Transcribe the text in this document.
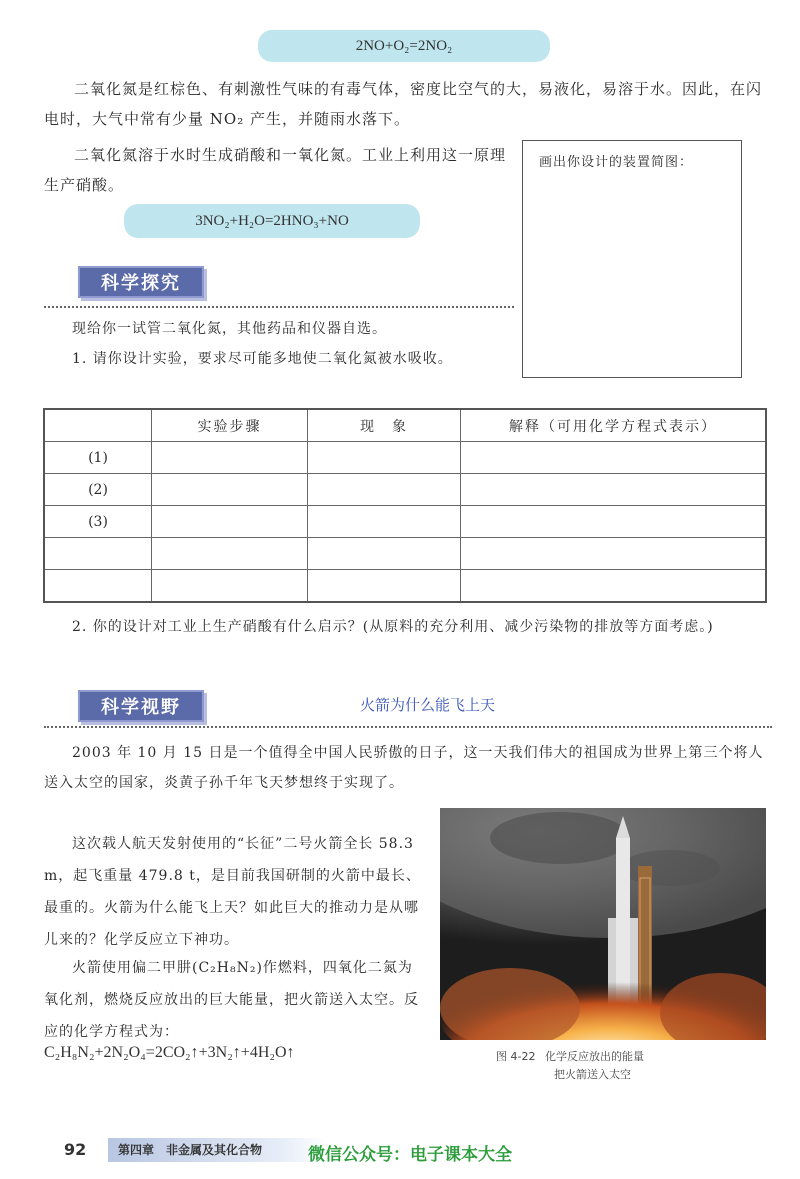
2NO+O₂=2NO₂
二氧化氮是红棕色、有刺激性气味的有毒气体，密度比空气的大，易液化，易溶于水。因此，在闪电时，大气中常有少量 NO₂ 产生，并随雨水落下。
二氧化氮溶于水时生成硝酸和一氧化氮。工业上利用这一原理生产硝酸。
画出你设计的装置简图：
3NO₂+H₂O=2HNO₃+NO
科学探究
现给你一试管二氧化氮，其他药品和仪器自选。
1. 请你设计实验，要求尽可能多地使二氧化氮被水吸收。
	实验步骤	现　象	解释（可用化学方程式表示）
(1)			
(2)			
(3)			

2. 你的设计对工业上生产硝酸有什么启示？(从原料的充分利用、减少污染物的排放等方面考虑。)
科学视野	火箭为什么能飞上天
2003 年 10 月 15 日是一个值得全中国人民骄傲的日子，这一天我们伟大的祖国成为世界上第三个将人送入太空的国家，炎黄子孙千年飞天梦想终于实现了。
这次载人航天发射使用的“长征”二号火箭全长 58.3 m，起飞重量 479.8 t，是目前我国研制的火箭中最长、最重的。火箭为什么能飞上天？如此巨大的推动力是从哪儿来的？化学反应立下神功。
火箭使用偏二甲肼(C₂H₈N₂)作燃料，四氧化二氮为氧化剂，燃烧反应放出的巨大能量，把火箭送入太空。反应的化学方程式为：
C₂H₈N₂+2N₂O₄=2CO₂↑+3N₂↑+4H₂O↑	图 4-22 化学反应放出的能量
把火箭送入太空
92	第四章　非金属及其化合物	微信公众号：电子课本大全
